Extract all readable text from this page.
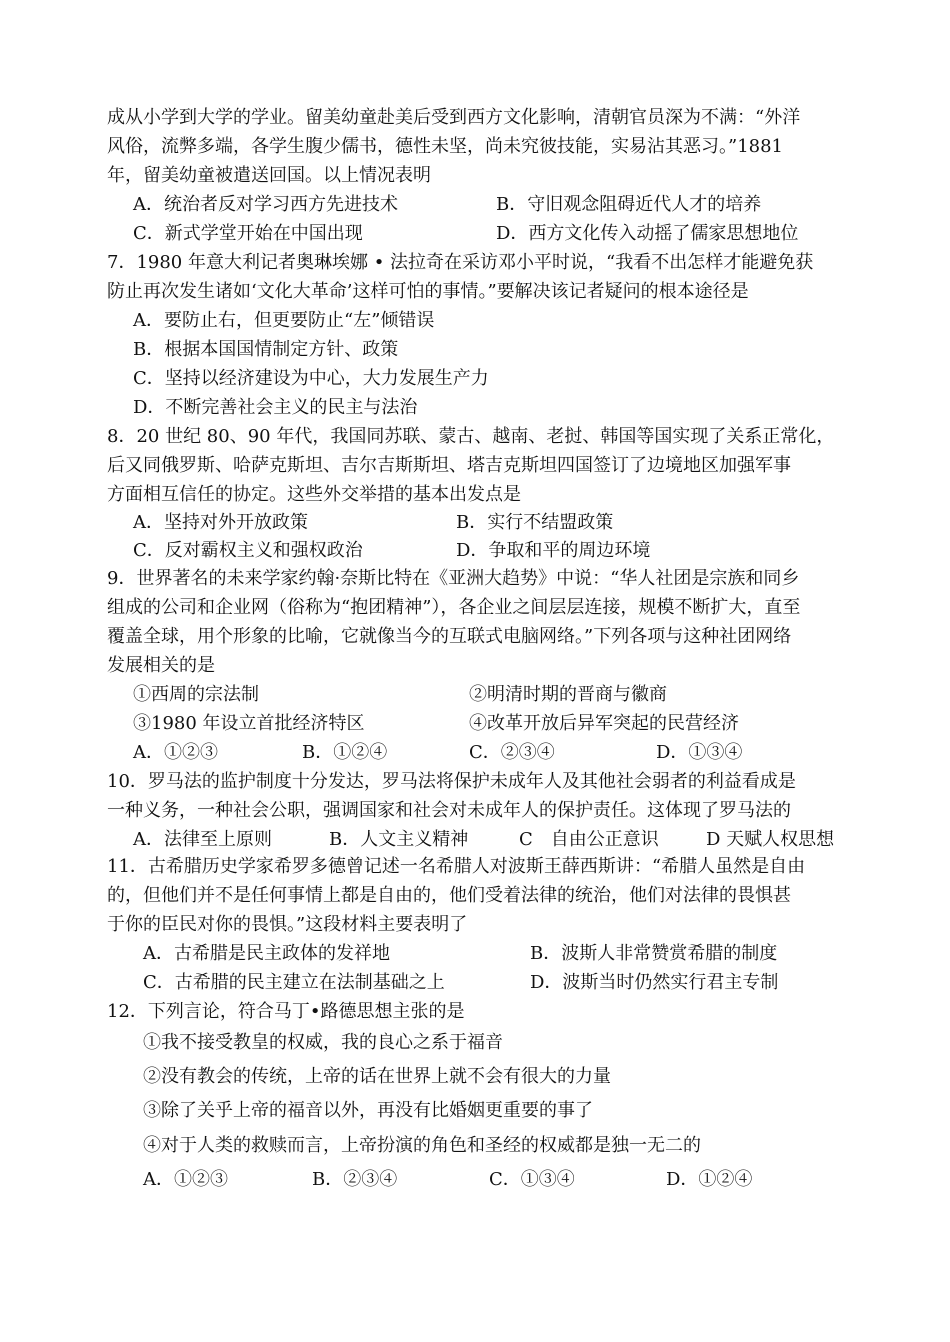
成从小学到大学的学业。留美幼童赴美后受到西方文化影响，清朝官员深为不满：“外洋
风俗，流弊多端，各学生腹少儒书，德性未坚，尚未究彼技能，实易沾其恶习。”1881
年，留美幼童被遣送回国。以上情况表明
A．统治者反对学习西方先进技术	B．守旧观念阻碍近代人才的培养
C．新式学堂开始在中国出现	D．西方文化传入动摇了儒家思想地位
7．1980 年意大利记者奥琳埃娜 • 法拉奇在采访邓小平时说，“我看不出怎样才能避免获
防止再次发生诸如‘文化大革命’这样可怕的事情。”要解决该记者疑问的根本途径是
A．要防止右，但更要防止“左”倾错误
B．根据本国国情制定方针、政策
C．坚持以经济建设为中心，大力发展生产力
D．不断完善社会主义的民主与法治
8．20 世纪 80、90 年代，我国同苏联、蒙古、越南、老挝、韩国等国实现了关系正常化，
后又同俄罗斯、哈萨克斯坦、吉尔吉斯斯坦、塔吉克斯坦四国签订了边境地区加强军事
方面相互信任的协定。这些外交举措的基本出发点是
A．坚持对外开放政策	B．实行不结盟政策
C．反对霸权主义和强权政治	D．争取和平的周边环境
9．世界著名的未来学家约翰·奈斯比特在《亚洲大趋势》中说：“华人社团是宗族和同乡
组成的公司和企业网（俗称为“抱团精神”），各企业之间层层连接，规模不断扩大，直至
覆盖全球，用个形象的比喻，它就像当今的互联式电脑网络。”下列各项与这种社团网络
发展相关的是
①西周的宗法制	②明清时期的晋商与徽商
③1980 年设立首批经济特区	④改革开放后异军突起的民营经济
A．①②③	B．①②④	C．②③④	D．①③④
10．罗马法的监护制度十分发达，罗马法将保护未成年人及其他社会弱者的利益看成是
一种义务，一种社会公职，强调国家和社会对未成年人的保护责任。这体现了罗马法的
A．法律至上原则	B．人文主义精神	C　自由公正意识	D 天赋人权思想
11．古希腊历史学家希罗多德曾记述一名希腊人对波斯王薛西斯讲：“希腊人虽然是自由
的，但他们并不是任何事情上都是自由的，他们受着法律的统治，他们对法律的畏惧甚
于你的臣民对你的畏惧。”这段材料主要表明了
A．古希腊是民主政体的发祥地	B．波斯人非常赞赏希腊的制度
C．古希腊的民主建立在法制基础之上	D．波斯当时仍然实行君主专制
12．下列言论，符合马丁•路德思想主张的是
①我不接受教皇的权威，我的良心之系于福音
②没有教会的传统，上帝的话在世界上就不会有很大的力量
③除了关乎上帝的福音以外，再没有比婚姻更重要的事了
④对于人类的救赎而言，上帝扮演的角色和圣经的权威都是独一无二的
A．①②③	B．②③④	C．①③④	D．①②④
